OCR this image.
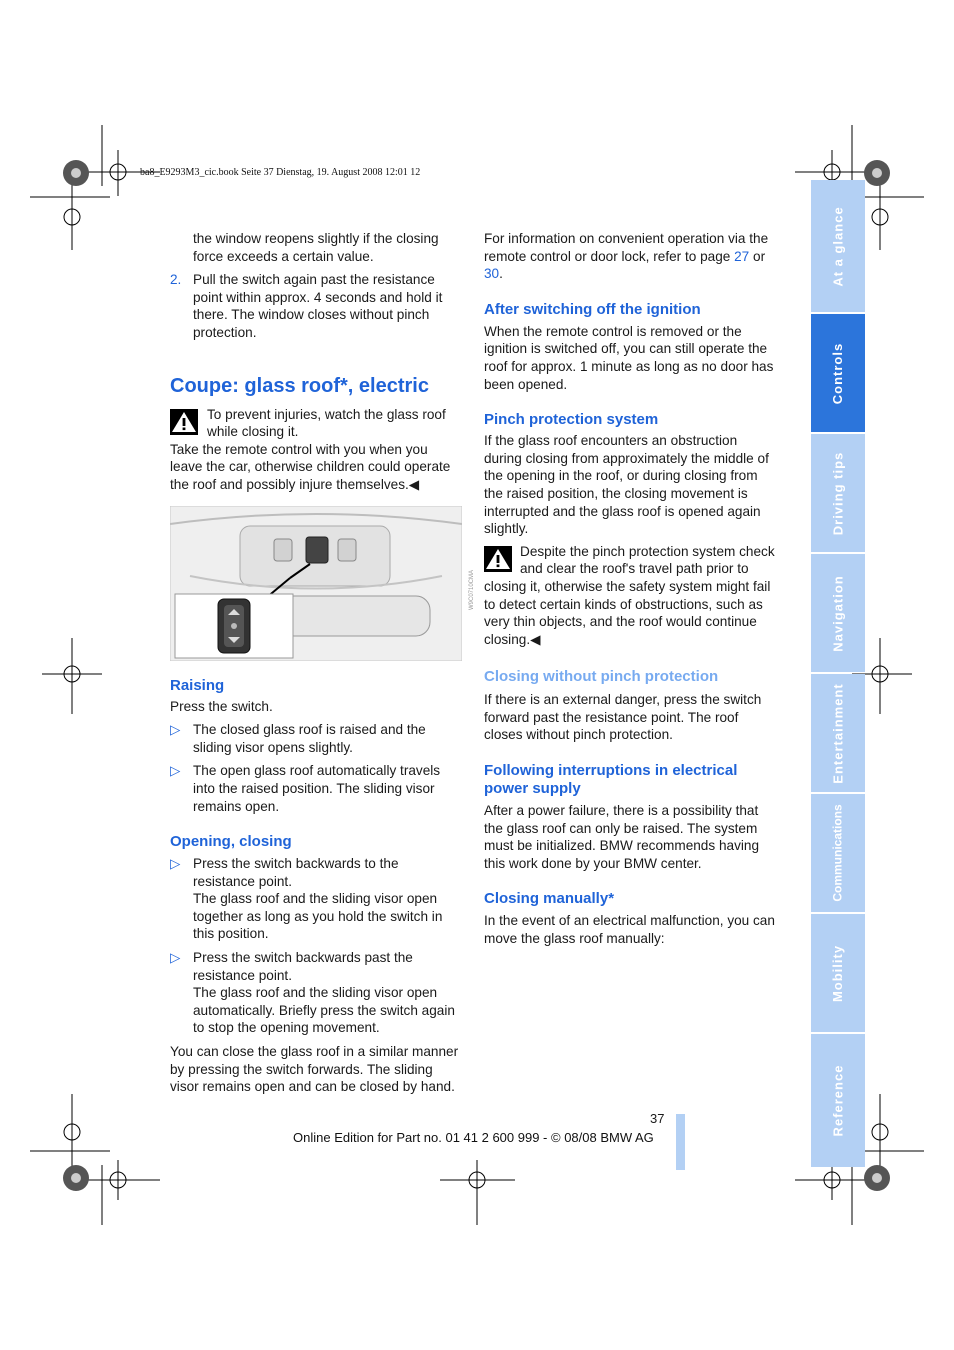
ba8_E9293M3_cic.book Seite 37 Dienstag, 19. August 2008 12:01 12

the window reopens slightly if the closing force exceeds a certain value.

2. Pull the switch again past the resistance point within approx. 4 seconds and hold it there. The window closes without pinch protection.
Coupe: glass roof*, electric
To prevent injuries, watch the glass roof while closing it.

Take the remote control with you when you leave the car, otherwise children could operate the roof and possibly injure themselves.◀

W9C0710CMA
Raising

Press the switch.

▷ The closed glass roof is raised and the sliding visor opens slightly.
▷ The open glass roof automatically travels into the raised position. The sliding visor remains open.
Opening, closing
▷ Press the switch backwards to the resistance point.
The glass roof and the sliding visor open together as long as you hold the switch in this position.
▷ Press the switch backwards past the resistance point.
The glass roof and the sliding visor open automatically. Briefly press the switch again to stop the opening movement.

You can close the glass roof in a similar manner by pressing the switch forwards. The sliding visor remains open and can be closed by hand.

For information on convenient operation via the remote control or door lock, refer to page 27 or 30.

After switching off the ignition

When the remote control is removed or the ignition is switched off, you can still operate the roof for approx. 1 minute as long as no door has been opened.

Pinch protection system

If the glass roof encounters an obstruction during closing from approximately the middle of the opening in the roof, or during closing from the raised position, the closing movement is interrupted and the glass roof is opened again slightly.

Despite the pinch protection system check and clear the roof's travel path prior to closing it, otherwise the safety system might fail to detect certain kinds of obstructions, such as very thin objects, and the roof would continue closing.◀
Closing without pinch protection

If there is an external danger, press the switch forward past the resistance point. The roof closes without pinch protection.

Following interruptions in electrical power supply

After a power failure, there is a possibility that the glass roof can only be raised. The system must be initialized. BMW recommends having this work done by your BMW center.

Closing manually*

In the event of an electrical malfunction, you can move the glass roof manually:

At a glance
Controls
Driving tips
Navigation
Entertainment
Communications
Mobility
Reference
37
Online Edition for Part no. 01 41 2 600 999 - © 08/08 BMW AG
